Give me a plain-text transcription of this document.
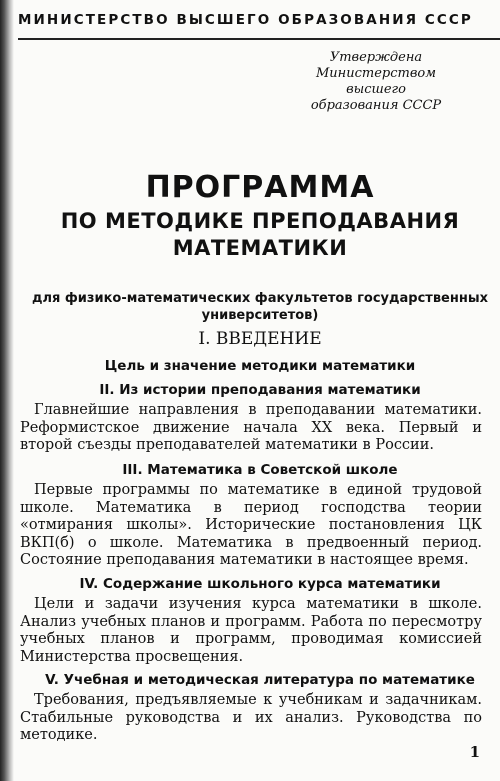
МИНИСТЕРСТВО ВЫСШЕГО ОБРАЗОВАНИЯ СССР
Утверждена
Министерством высшего
образования СССР
ПРОГРАММА
ПО МЕТОДИКЕ ПРЕПОДАВАНИЯ
МАТЕМАТИКИ
для физико-математических факультетов государственных
университетов)
I. ВВЕДЕНИЕ
Цель и значение методики математики
II. Из истории преподавания математики
Главнейшие направления в преподавании математики. Реформистское движение начала XX века. Первый и второй съезды преподавателей математики в России.
III. Математика в Советской школе
Первые программы по математике в единой трудовой школе. Математика в период господства теории «отмирания школы». Исторические постановления ЦК ВКП(б) о школе. Математика в предвоенный период. Состояние преподавания математики в настоящее время.
IV. Содержание школьного курса математики
Цели и задачи изучения курса математики в школе. Анализ учебных планов и программ. Работа по пересмотру учебных планов и программ, проводимая комиссией Министерства просвещения.
V. Учебная и методическая литература по математике
Требования, предъявляемые к учебникам и задачникам. Стабильные руководства и их анализ. Руководства по методике.
1
